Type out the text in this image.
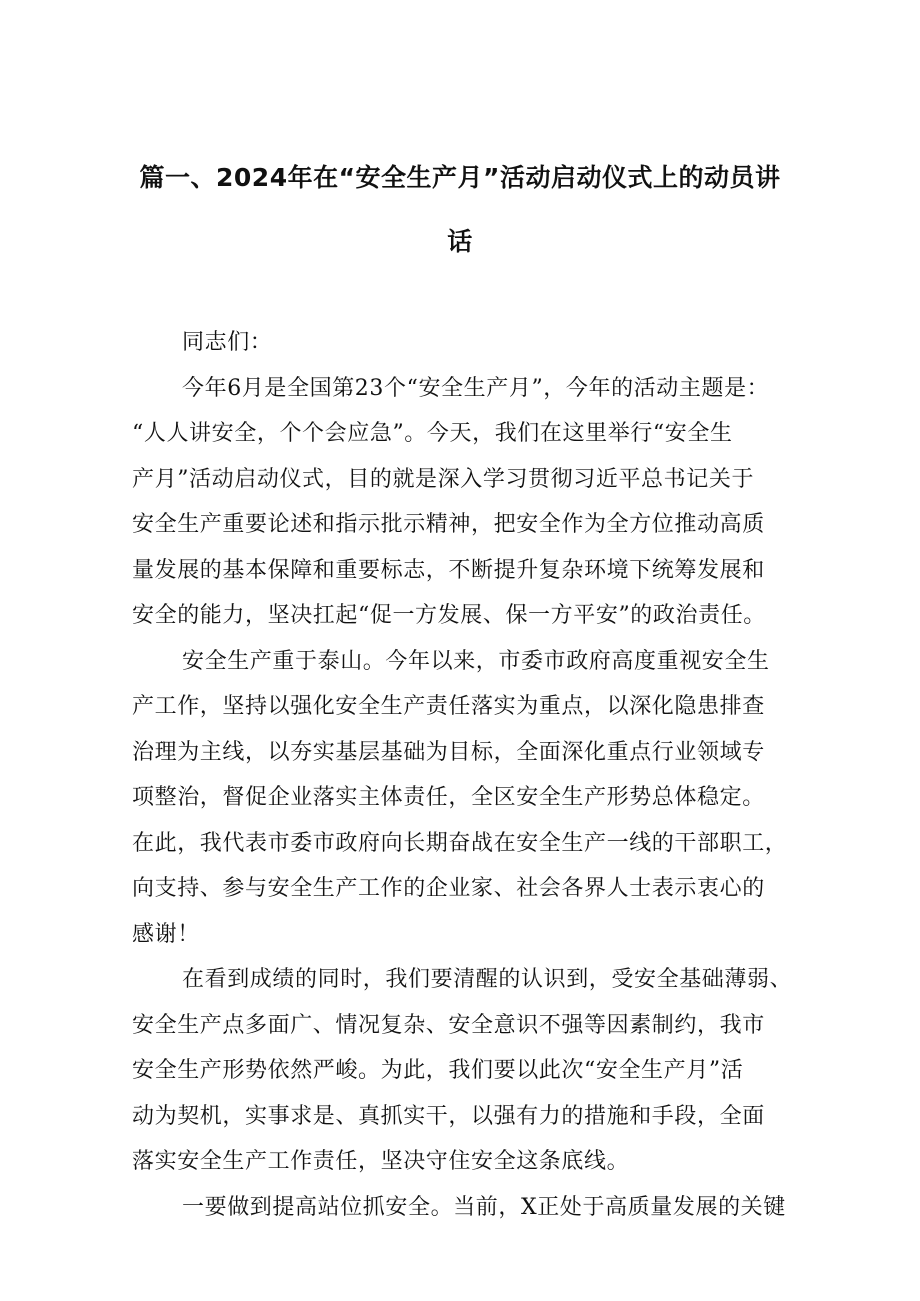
篇一、2024年在“安全生产月”活动启动仪式上的动员讲
话
同志们：
今年6月是全国第23个“安全生产月”，今年的活动主题是：
“人人讲安全，个个会应急”。今天，我们在这里举行“安全生
产月”活动启动仪式，目的就是深入学习贯彻习近平总书记关于
安全生产重要论述和指示批示精神，把安全作为全方位推动高质
量发展的基本保障和重要标志，不断提升复杂环境下统筹发展和
安全的能力，坚决扛起“促一方发展、保一方平安”的政治责任。
安全生产重于泰山。今年以来，市委市政府高度重视安全生
产工作，坚持以强化安全生产责任落实为重点，以深化隐患排查
治理为主线，以夯实基层基础为目标，全面深化重点行业领域专
项整治，督促企业落实主体责任，全区安全生产形势总体稳定。
在此，我代表市委市政府向长期奋战在安全生产一线的干部职工，
向支持、参与安全生产工作的企业家、社会各界人士表示衷心的
感谢！
在看到成绩的同时，我们要清醒的认识到，受安全基础薄弱、
安全生产点多面广、情况复杂、安全意识不强等因素制约，我市
安全生产形势依然严峻。为此，我们要以此次“安全生产月”活
动为契机，实事求是、真抓实干，以强有力的措施和手段，全面
落实安全生产工作责任，坚决守住安全这条底线。
一要做到提高站位抓安全。当前，X正处于高质量发展的关键
